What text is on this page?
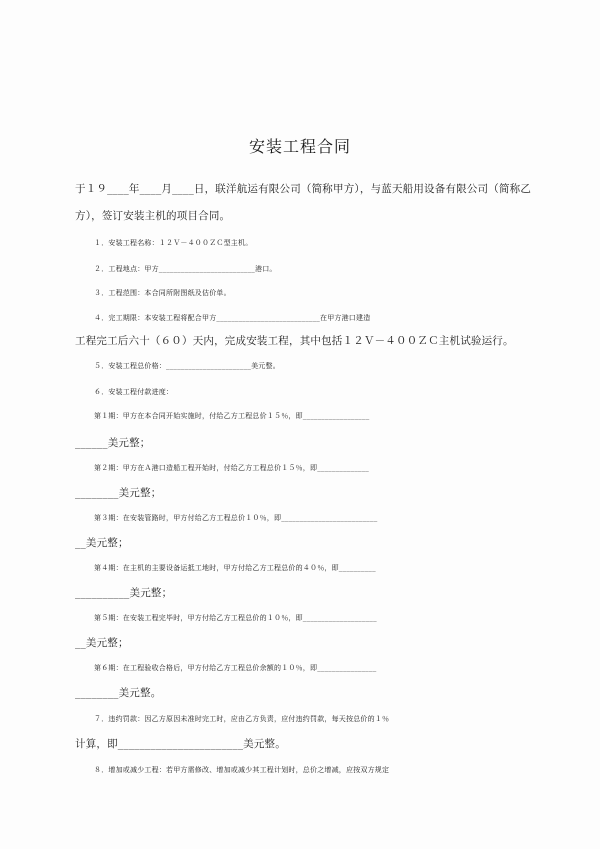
安装工程合同
于１９____年____月____日，联洋航运有限公司（简称甲方），与蓝天船用设备有限公司（简称乙
方），签订安装主机的项目合同。
１．安装工程名称：１２Ｖ－４００ＺＣ型主机。
２．工程地点：甲方__________________________港口。
３．工程范围：本合同所附图纸及估价单。
４．完工期限：本安装工程将配合甲方____________________________在甲方港口建造
工程完工后六十（６０）天内，完成安装工程，其中包括１２Ｖ－４００ＺＣ主机试验运行。
５．安装工程总价格：_______________________美元整。
６．安装工程付款进度：
第１期：甲方在本合同开始实施时，付给乙方工程总价１５％，即__________________
______美元整；
第２期：甲方在Ａ港口造船工程开始时，付给乙方工程总价１５％，即______________
________美元整；
第３期：在安装管路时，甲方付给乙方工程总价１０％，即__________________________
__美元整；
第４期：在主机的主要设备运抵工地时，甲方付给乙方工程总价的４０％，即__________
__________美元整；
第５期：在安装工程完毕时，甲方付给乙方工程总价的１０％，即____________________
__美元整；
第６期：在工程验收合格后，甲方付给乙方工程总价余额的１０％，即________________
________美元整。
７．违约罚款：因乙方原因未准时完工时，应由乙方负责，应付违约罚款，每天按总价的１％
计算，即_______________________美元整。
８．增加或减少工程：若甲方需修改、增加或减少其工程计划时，总价之增减，应按双方规定
